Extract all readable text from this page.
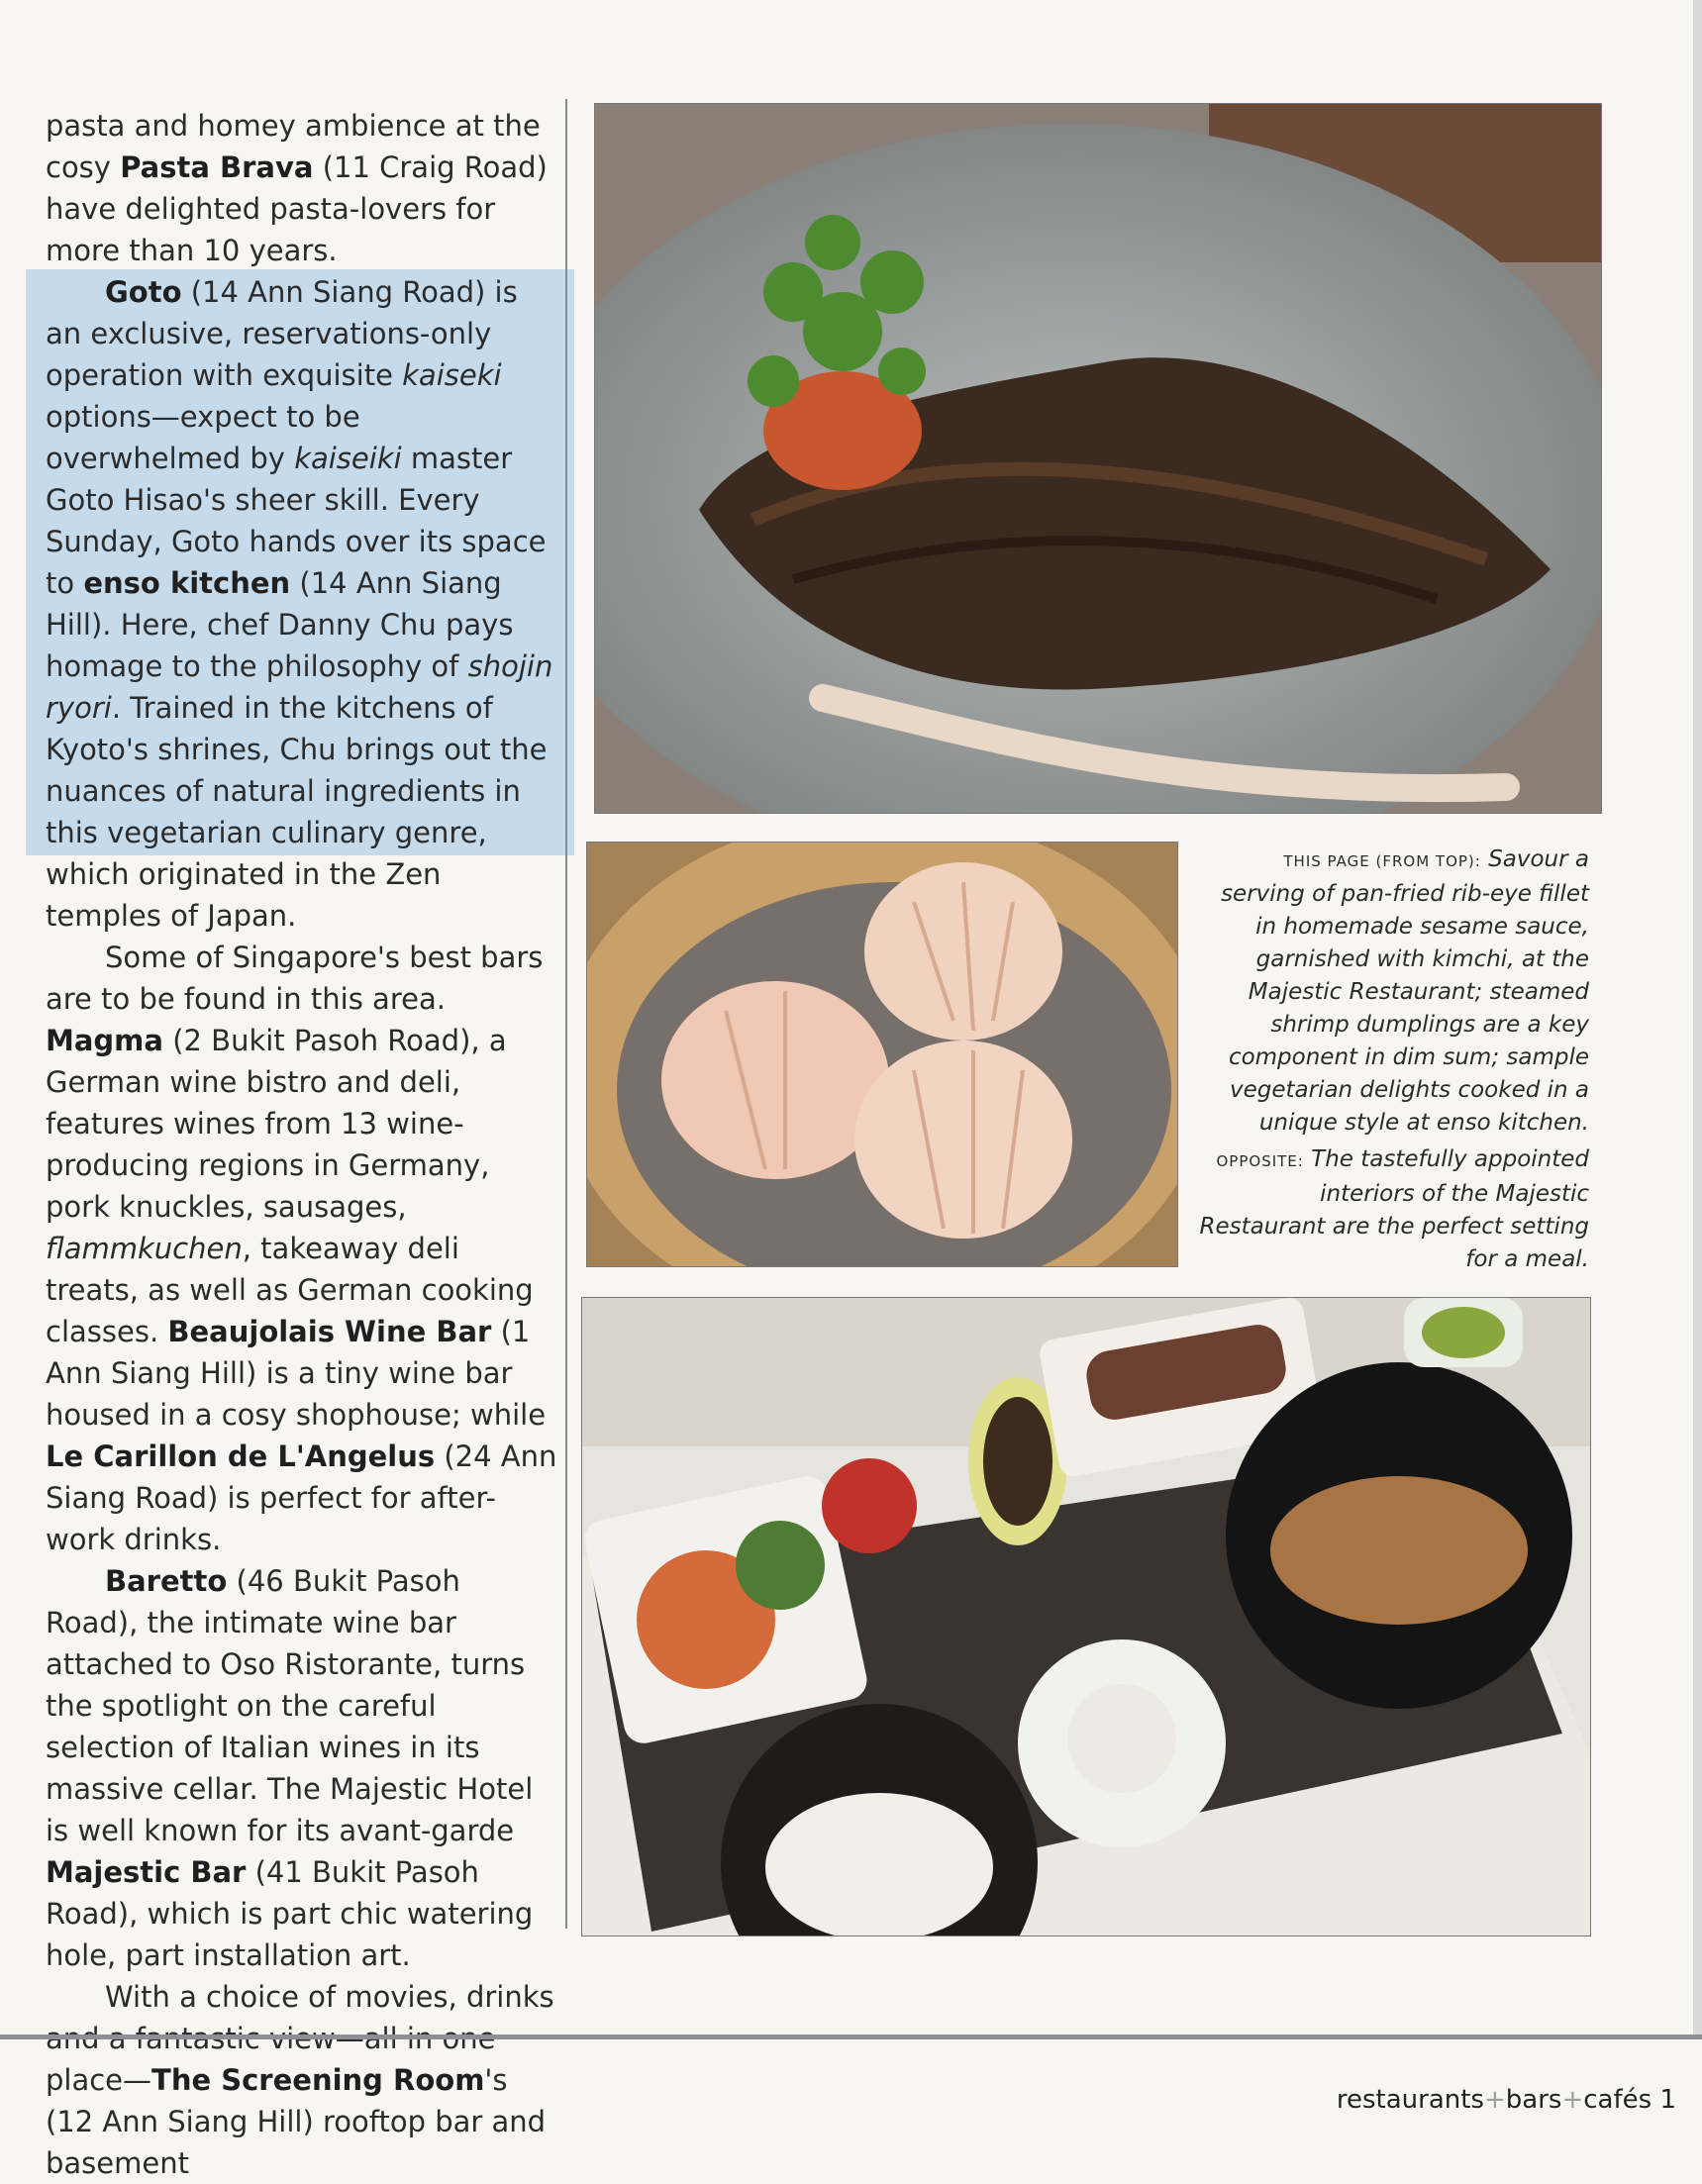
pasta and homey ambience at the cosy Pasta Brava (11 Craig Road) have delighted pasta-lovers for more than 10 years.

Goto (14 Ann Siang Road) is an exclusive, reservations-only operation with exquisite kaiseki options—expect to be overwhelmed by kaiseiki master Goto Hisao's sheer skill. Every Sunday, Goto hands over its space to enso kitchen (14 Ann Siang Hill). Here, chef Danny Chu pays homage to the philosophy of shojin ryori. Trained in the kitchens of Kyoto's shrines, Chu brings out the nuances of natural ingredients in this vegetarian culinary genre, which originated in the Zen temples of Japan.

Some of Singapore's best bars are to be found in this area. Magma (2 Bukit Pasoh Road), a German wine bistro and deli, features wines from 13 wine-producing regions in Germany, pork knuckles, sausages, flammkuchen, takeaway deli treats, as well as German cooking classes. Beaujolais Wine Bar (1 Ann Siang Hill) is a tiny wine bar housed in a cosy shophouse; while Le Carillon de L'Angelus (24 Ann Siang Road) is perfect for after-work drinks.

Baretto (46 Bukit Pasoh Road), the intimate wine bar attached to Oso Ristorante, turns the spotlight on the careful selection of Italian wines in its massive cellar. The Majestic Hotel is well known for its avant-garde Majestic Bar (41 Bukit Pasoh Road), which is part chic watering hole, part installation art.

With a choice of movies, drinks place—The Screening Room's (12 Ann Siang Hill) rooftop bar and basement

THIS PAGE (FROM TOP): Savour a serving of pan-fried rib-eye fillet in homemade sesame sauce, garnished with kimchi, at the Majestic Restaurant; steamed shrimp dumplings are a key component in dim sum; sample vegetarian delights cooked in a unique style at enso kitchen.

OPPOSITE: The tastefully appointed interiors of the Majestic Restaurant are the perfect setting for a meal.

restaurants+bars+cafés 1
